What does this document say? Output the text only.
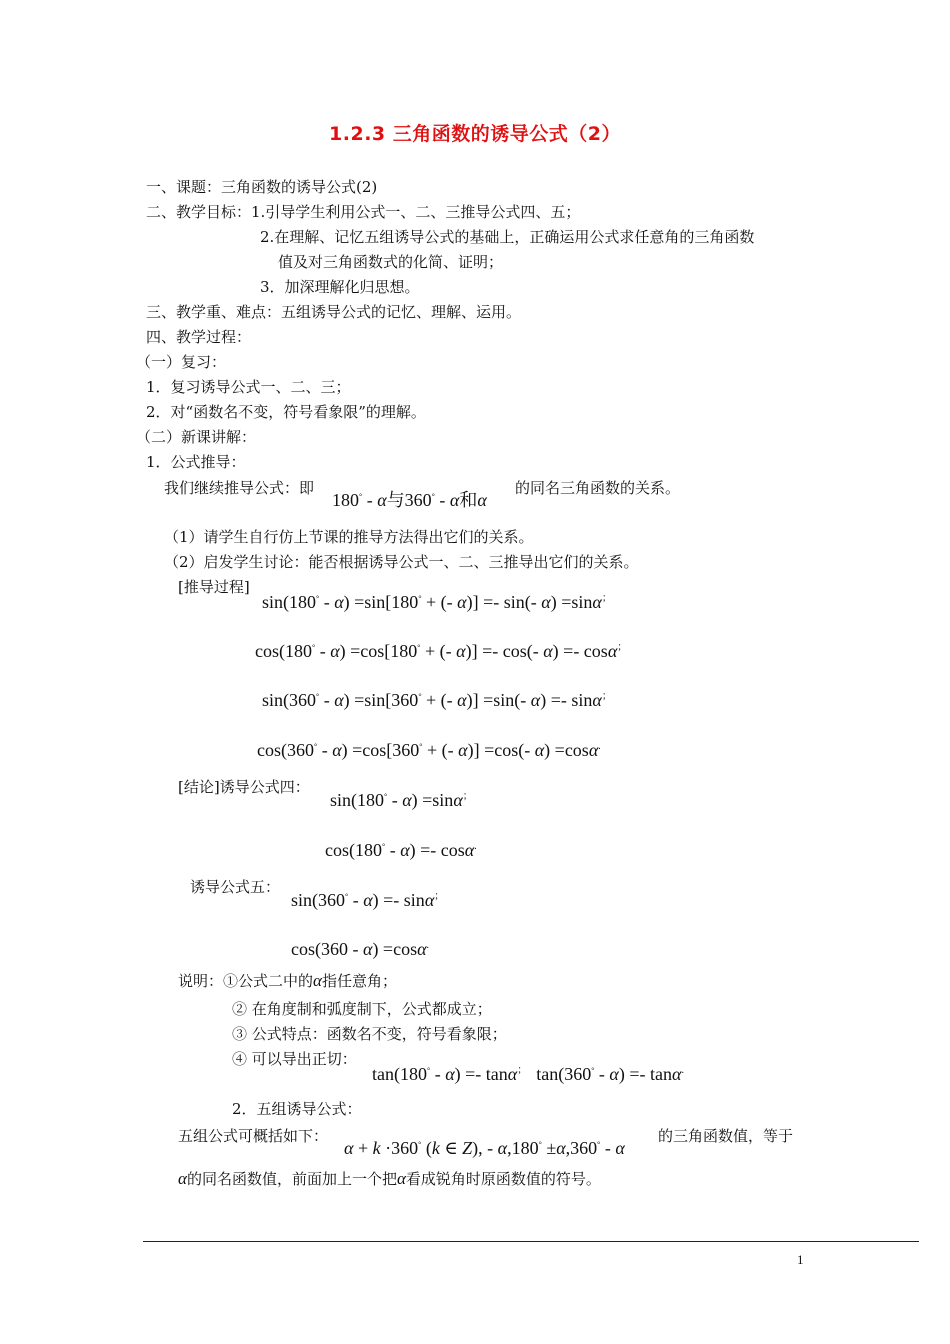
1.2.3 三角函数的诱导公式（2）
一、课题：三角函数的诱导公式(2)
二、教学目标：1.引导学生利用公式一、二、三推导公式四、五；
2.在理解、记忆五组诱导公式的基础上，正确运用公式求任意角的三角函数
值及对三角函数式的化简、证明；
3．加深理解化归思想。
三、教学重、难点：五组诱导公式的记忆、理解、运用。
四、教学过程：
（一）复习：
1．复习诱导公式一、二、三；
2．对“函数名不变，符号看象限”的理解。
（二）新课讲解：
1．公式推导：
我们继续推导公式：即
180° - α与360° - α和α
的同名三角函数的关系。
（1）请学生自行仿上节课的推导方法得出它们的关系。
（2）启发学生讨论：能否根据诱导公式一、二、三推导出它们的关系。
[推导过程]
sin(180° - α) =sin[180° + (- α)] =- sin(- α) =sinα；
cos(180° - α) =cos[180° + (- α)] =- cos(- α) =- cosα；
sin(360° - α) =sin[360° + (- α)] =sin(- α) =- sinα；
cos(360° - α) =cos[360° + (- α)] =cos(- α) =cosα.
[结论]诱导公式四：
sin(180° - α) =sinα；
cos(180° - α) =- cosα.
诱导公式五：
sin(360° - α) =- sinα；
cos(360 - α) =cosα.
说明：①公式二中的α指任意角；
② 在角度制和弧度制下，公式都成立；
③ 公式特点：函数名不变，符号看象限；
④ 可以导出正切：
tan(180° - α) =- tanα；  tan(360° - α) =- tanα.
2．五组诱导公式：
五组公式可概括如下：
α + k ·360° (k ∈ Z), - α,180° ±α,360° - α
的三角函数值，等于
α的同名函数值，前面加上一个把α看成锐角时原函数值的符号。
1
